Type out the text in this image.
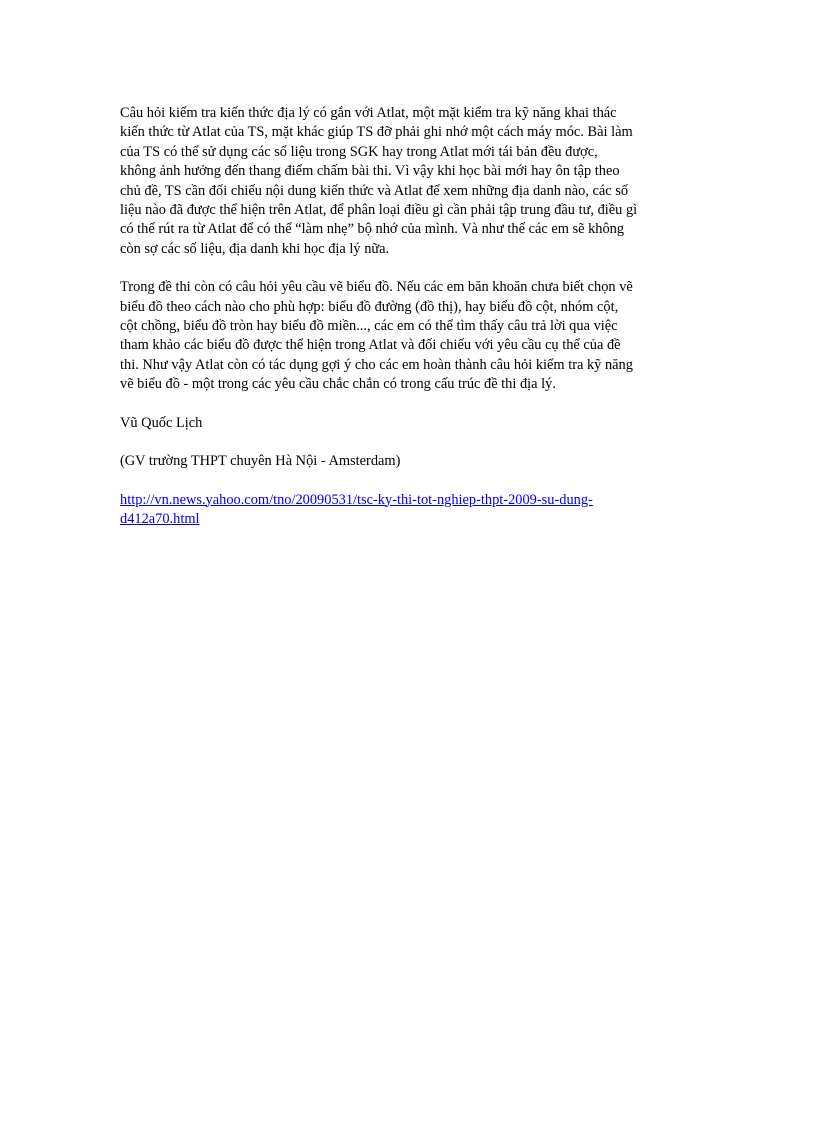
Câu hỏi kiểm tra kiến thức địa lý có gắn với Atlat, một mặt kiểm tra kỹ năng khai thác
kiến thức từ Atlat của TS, mặt khác giúp TS đỡ phải ghi nhớ một cách máy móc. Bài làm
của TS có thể sử dụng các số liệu trong SGK hay trong Atlat mới tái bản đều được,
không ảnh hưởng đến thang điểm chấm bài thi. Vì vậy khi học bài mới hay ôn tập theo
chủ đề, TS cần đối chiếu nội dung kiến thức và Atlat để xem những địa danh nào, các số
liệu nào đã được thể hiện trên Atlat, để phân loại điều gì cần phải tập trung đầu tư, điều gì
có thể rút ra từ Atlat để có thể “làm nhẹ” bộ nhớ của mình. Và như thế các em sẽ không
còn sợ các số liệu, địa danh khi học địa lý nữa.
Trong đề thi còn có câu hỏi yêu cầu vẽ biểu đồ. Nếu các em băn khoăn chưa biết chọn vẽ
biểu đồ theo cách nào cho phù hợp: biểu đồ đường (đồ thị), hay biểu đồ cột, nhóm cột,
cột chồng, biểu đồ tròn hay biểu đồ miền..., các em có thể tìm thấy câu trả lời qua việc
tham khảo các biểu đồ được thể hiện trong Atlat và đối chiếu với yêu cầu cụ thể của đề
thi. Như vậy Atlat còn có tác dụng gợi ý cho các em hoàn thành câu hỏi kiểm tra kỹ năng
vẽ biểu đồ - một trong các yêu cầu chắc chắn có trong cấu trúc đề thi địa lý.
Vũ Quốc Lịch
(GV trường THPT chuyên Hà Nội - Amsterdam)
http://vn.news.yahoo.com/tno/20090531/tsc-ky-thi-tot-nghiep-thpt-2009-su-dung-
d412a70.html
